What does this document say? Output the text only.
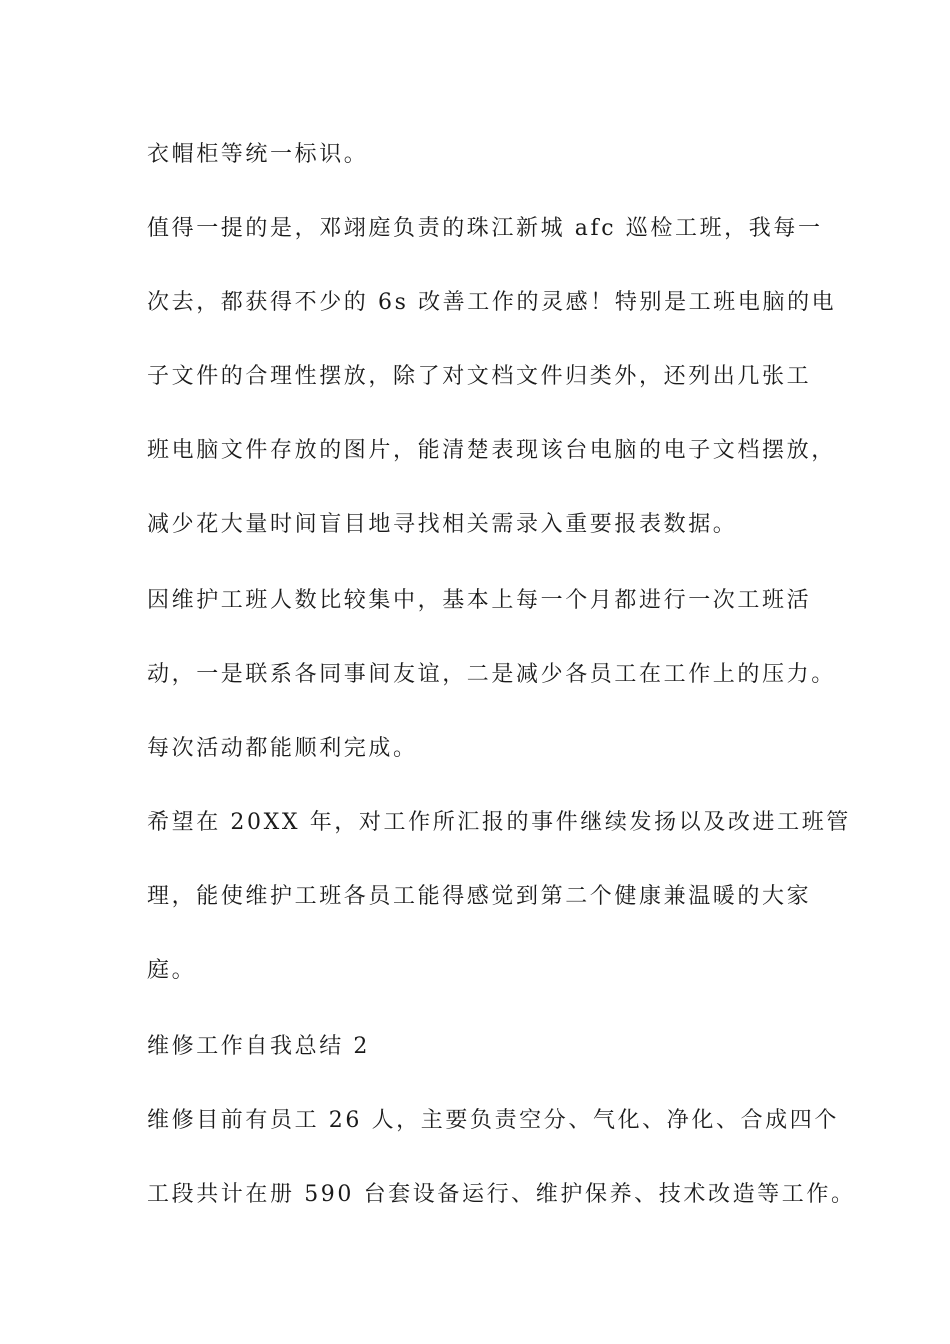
衣帽柜等统一标识。
值得一提的是，邓翊庭负责的珠江新城 afc 巡检工班，我每一
次去，都获得不少的 6s 改善工作的灵感！特别是工班电脑的电
子文件的合理性摆放，除了对文档文件归类外，还列出几张工
班电脑文件存放的图片，能清楚表现该台电脑的电子文档摆放，
减少花大量时间盲目地寻找相关需录入重要报表数据。
因维护工班人数比较集中，基本上每一个月都进行一次工班活
动，一是联系各同事间友谊，二是减少各员工在工作上的压力。
每次活动都能顺利完成。
希望在 20XX 年，对工作所汇报的事件继续发扬以及改进工班管
理，能使维护工班各员工能得感觉到第二个健康兼温暖的大家
庭。
维修工作自我总结 2
维修目前有员工 26 人，主要负责空分、气化、净化、合成四个
工段共计在册 590 台套设备运行、维护保养、技术改造等工作。
